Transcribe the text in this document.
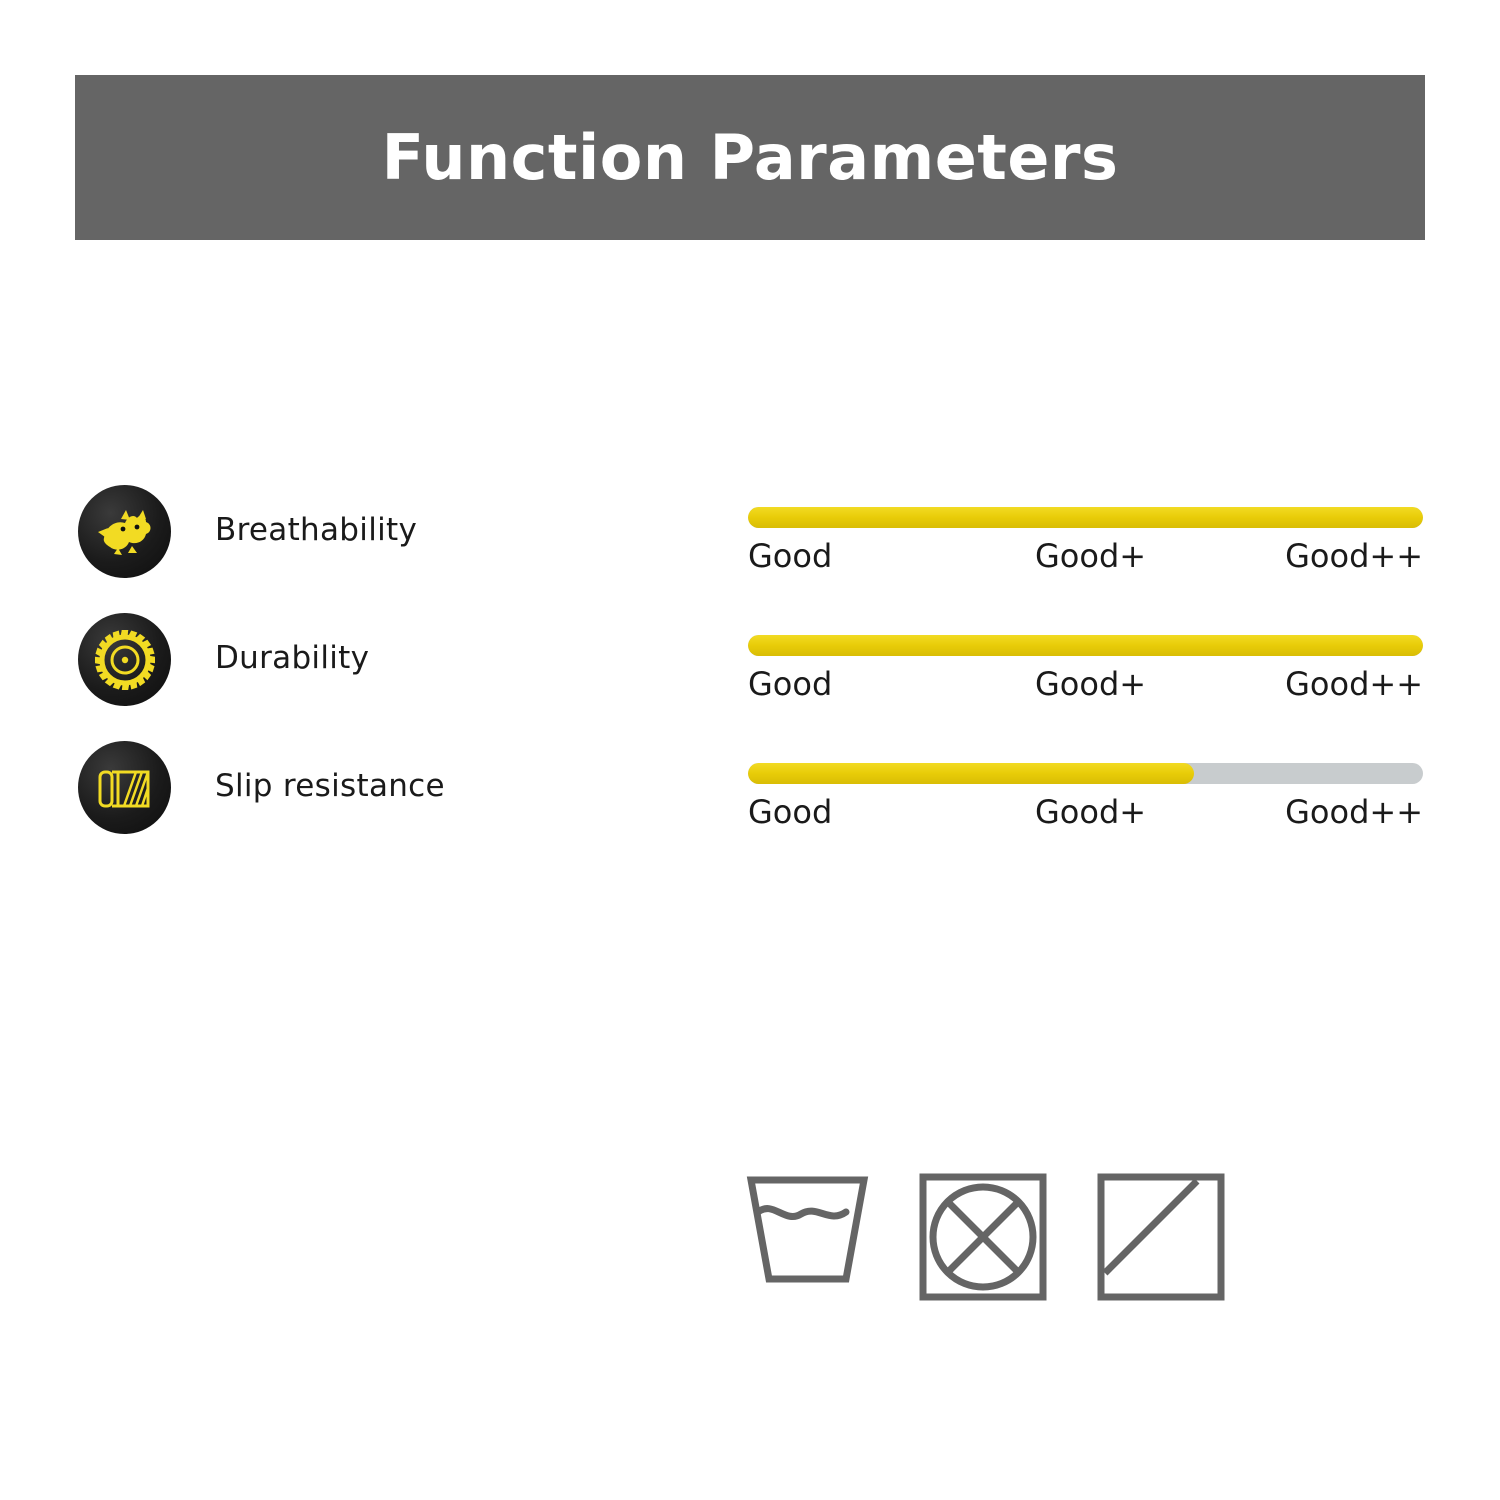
Function Parameters
Breathability
Good	Good+	Good++
Durability
Good	Good+	Good++
Slip resistance
Good	Good+	Good++
